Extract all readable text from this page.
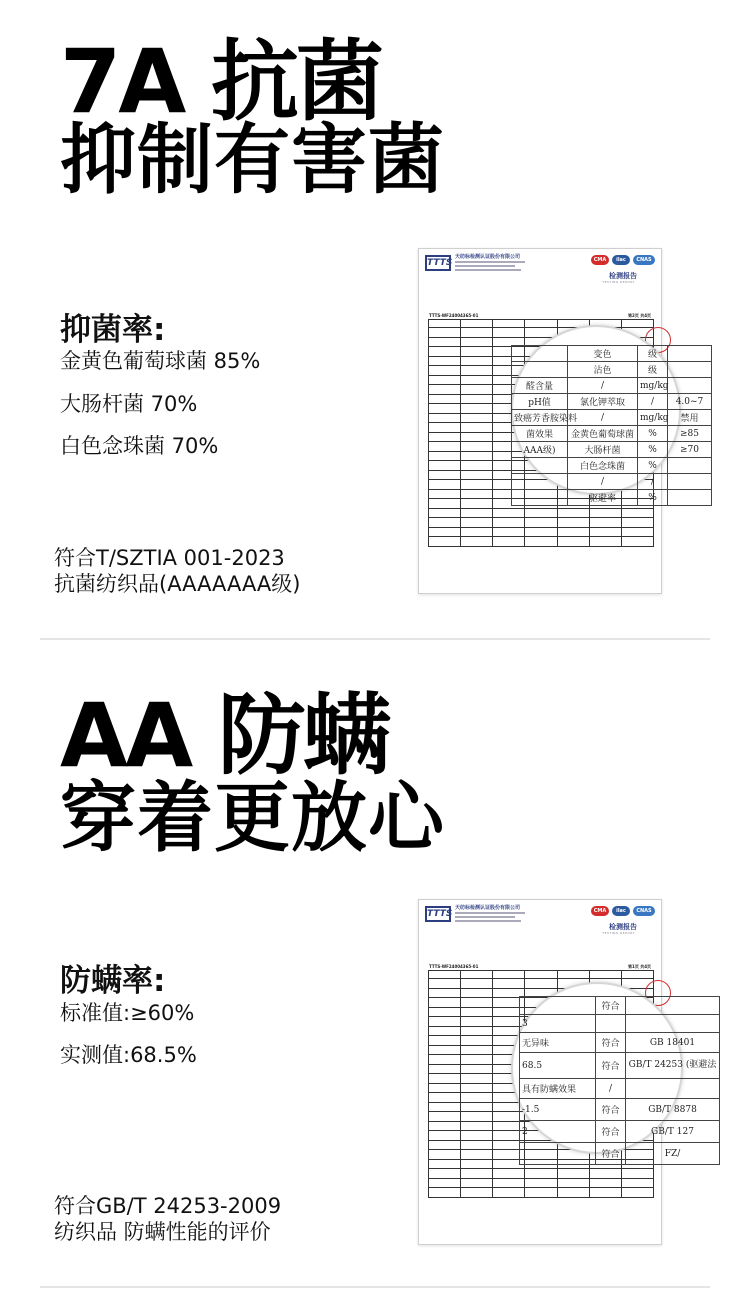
7A 抗菌
抑制有害菌
抑菌率:
金黄色葡萄球菌 85%
大肠杆菌 70%
白色念珠菌 70%
符合T/SZTIA 001-2023
抗菌纺织品(AAAAAAA级)
TTTS
天纺标检测认证股份有限公司	CMA	ilac	CNAS
检测报告
TESTING REPORT
TTTS-WF24004365-01	第2页 共4页

	变色	级	
	沾色	级	
醛含量	/	mg/kg	
pH值	氯化钾萃取	/	4.0~7
致癌芳香胺染料	/	mg/kg	禁用
菌效果	金黄色葡萄球菌	%	≥85
AAA级)	大肠杆菌	%	≥70
	白色念珠菌	%	
	/	/	
	驱避率	%	
AA 防螨
穿着更放心
防螨率:
标准值:≥60%
实测值:68.5%
符合GB/T 24253-2009
纺织品 防螨性能的评价
TTTS
天纺标检测认证股份有限公司	CMA	ilac	CNAS
检测报告
TESTING REPORT
TTTS-WF24004365-01	第1页 共4页

	符合	
3		
无异味	符合	GB 18401
68.5	符合	GB/T 24253 (驱避法
具有防螨效果	/	
-1.5	符合	GB/T 8878
2	符合	GB/T 127
	符合	FZ/
